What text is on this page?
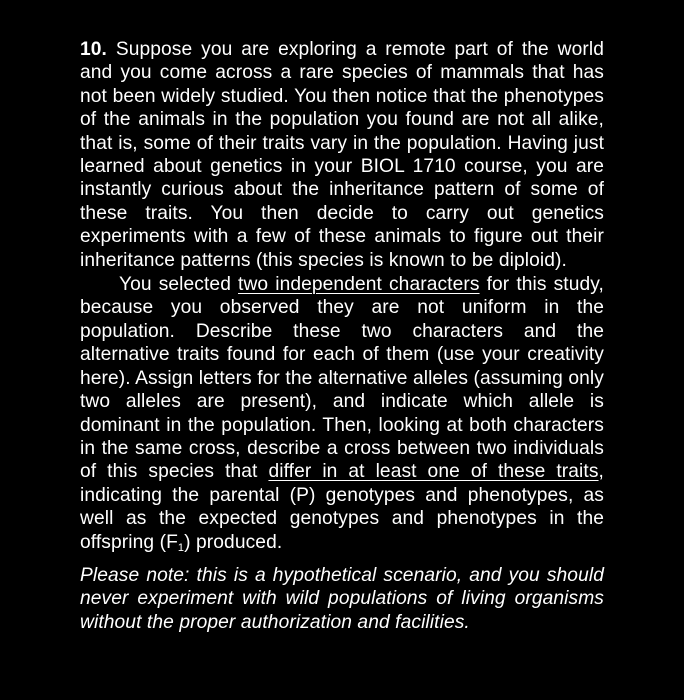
10. Suppose you are exploring a remote part of the world and you come across a rare species of mammals that has not been widely studied. You then notice that the phenotypes of the animals in the population you found are not all alike, that is, some of their traits vary in the population. Having just learned about genetics in your BIOL 1710 course, you are instantly curious about the inheritance pattern of some of these traits. You then decide to carry out genetics experiments with a few of these animals to figure out their inheritance patterns (this species is known to be diploid).

You selected two independent characters for this study, because you observed they are not uniform in the population. Describe these two characters and the alternative traits found for each of them (use your creativity here). Assign letters for the alternative alleles (assuming only two alleles are present), and indicate which allele is dominant in the population. Then, looking at both characters in the same cross, describe a cross between two individuals of this species that differ in at least one of these traits, indicating the parental (P) genotypes and phenotypes, as well as the expected genotypes and phenotypes in the offspring $(F_1)$ produced.

Please note: this is a hypothetical scenario, and you should never experiment with wild populations of living organisms without the proper authorization and facilities.
